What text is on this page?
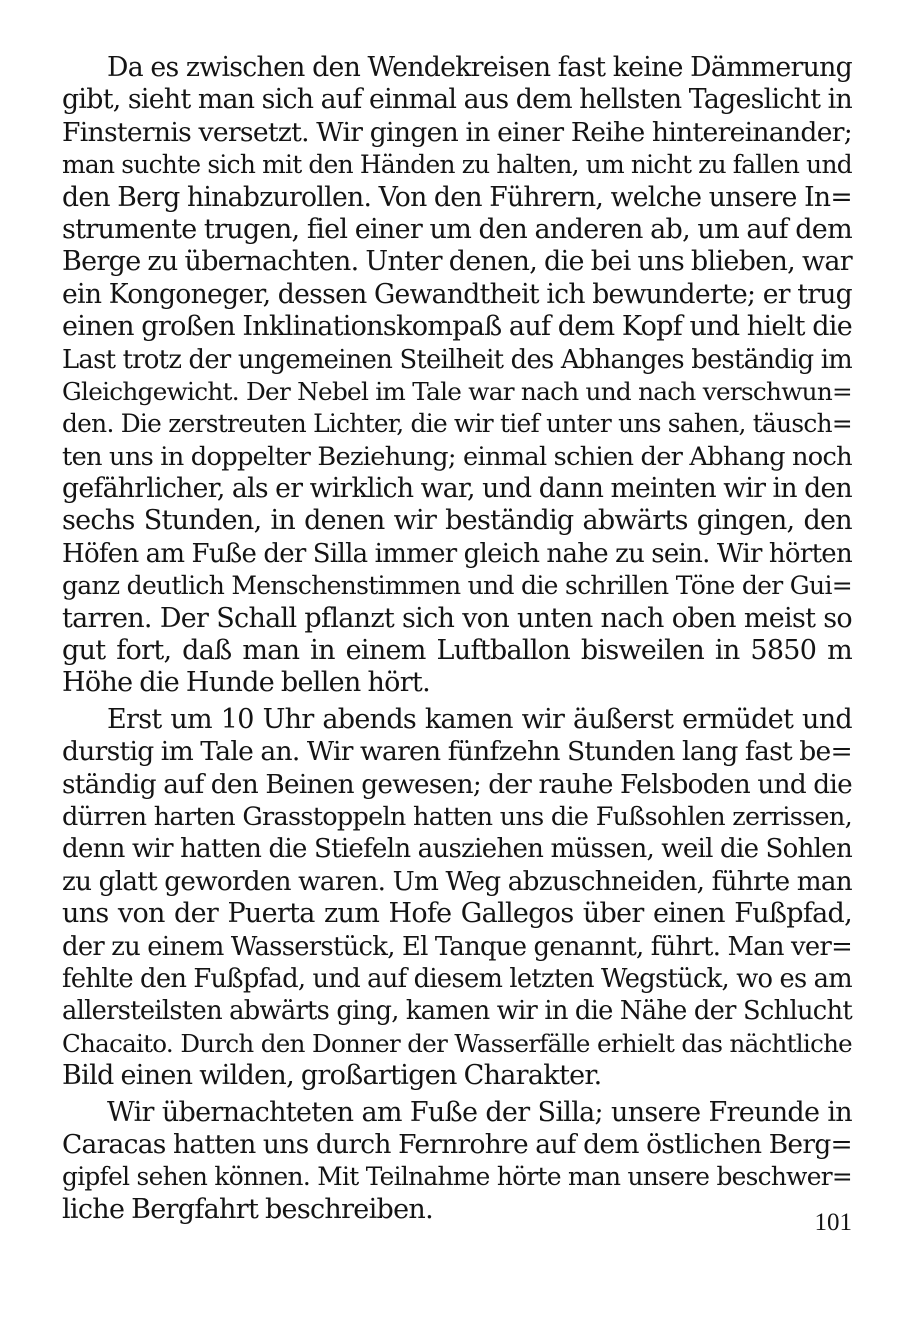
Da es zwischen den Wendekreisen fast keine Dämmerung
gibt, sieht man sich auf einmal aus dem hellsten Tageslicht in
Finsternis versetzt. Wir gingen in einer Reihe hintereinander;
man suchte sich mit den Händen zu halten, um nicht zu fallen und
den Berg hinabzurollen. Von den Führern, welche unsere In=
strumente trugen, fiel einer um den anderen ab, um auf dem
Berge zu übernachten. Unter denen, die bei uns blieben, war
ein Kongoneger, dessen Gewandtheit ich bewunderte; er trug
einen großen Inklinationskompaß auf dem Kopf und hielt die
Last trotz der ungemeinen Steilheit des Abhanges beständig im
Gleichgewicht. Der Nebel im Tale war nach und nach verschwun=
den. Die zerstreuten Lichter, die wir tief unter uns sahen, täusch=
ten uns in doppelter Beziehung; einmal schien der Abhang noch
gefährlicher, als er wirklich war, und dann meinten wir in den
sechs Stunden, in denen wir beständig abwärts gingen, den
Höfen am Fuße der Silla immer gleich nahe zu sein. Wir hörten
ganz deutlich Menschenstimmen und die schrillen Töne der Gui=
tarren. Der Schall pflanzt sich von unten nach oben meist so
gut fort, daß man in einem Luftballon bisweilen in 5850 m
Höhe die Hunde bellen hört.
Erst um 10 Uhr abends kamen wir äußerst ermüdet und
durstig im Tale an. Wir waren fünfzehn Stunden lang fast be=
ständig auf den Beinen gewesen; der rauhe Felsboden und die
dürren harten Grasstoppeln hatten uns die Fußsohlen zerrissen,
denn wir hatten die Stiefeln ausziehen müssen, weil die Sohlen
zu glatt geworden waren. Um Weg abzuschneiden, führte man
uns von der Puerta zum Hofe Gallegos über einen Fußpfad,
der zu einem Wasserstück, El Tanque genannt, führt. Man ver=
fehlte den Fußpfad, und auf diesem letzten Wegstück, wo es am
allersteilsten abwärts ging, kamen wir in die Nähe der Schlucht
Chacaito. Durch den Donner der Wasserfälle erhielt das nächtliche
Bild einen wilden, großartigen Charakter.
Wir übernachteten am Fuße der Silla; unsere Freunde in
Caracas hatten uns durch Fernrohre auf dem östlichen Berg=
gipfel sehen können. Mit Teilnahme hörte man unsere beschwer=
liche Bergfahrt beschreiben.	101
